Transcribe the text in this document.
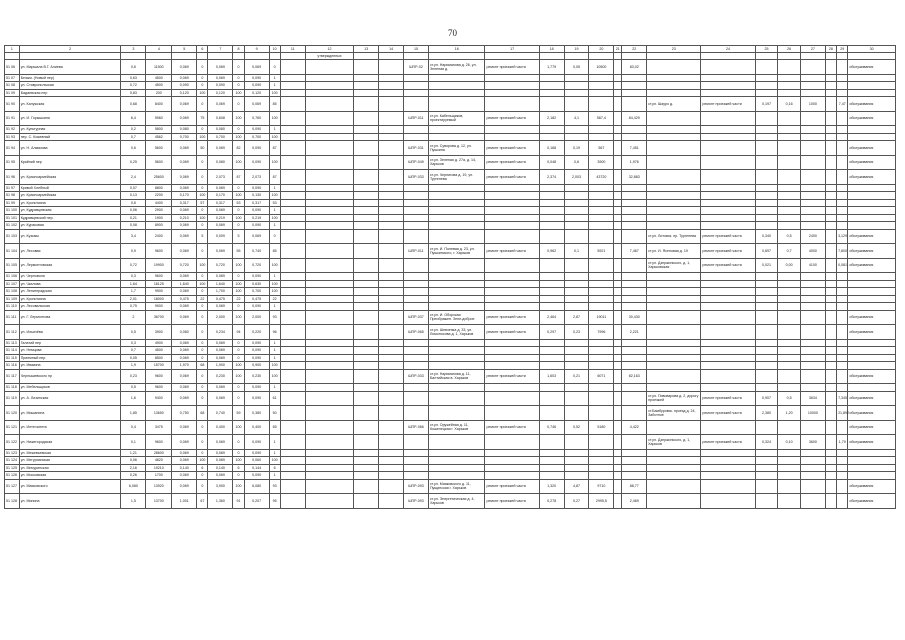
70
1	2	3	4	5	6	7	8	9	10	11	12	13	14	15	16	17	18	19	20	21	22	23	24	25	26	27	28	29	30
											утвержденных																		
51 06	ул. Маршала В.Г. Алиева	0,6	11500	0,069	0	0,069	0	0,069	0					ШПР-02	ст.ул. Нариманова д. 26, ул. Зеленая д.	ремонт проезжей части	1,779	0,05	10500		83,02								обслуживания
51 07	Безым. (Новый пер)	0,63	4500	0,069	0	0,069	0	0,090	1																				
51 08	ул. Ставропольская	0,72	4500	0,090	0	0,090	0	0,090	1																				
51 09	Бадаевская пер	0,83	200	0,120	100	0,120	100	0,120	100																				
51 90	ул. Калужская	0,68	8400	0,069	0	0,069	0	0,069	85													ст.ул. Шауро д.	ремонт проезжей части	0,197	0,16	1000		7,47	обслуживания
51 91	ул. И. Горышкина	6,4	5960	0,069	75	0,608	100	0,760	100					ШПР-011	ст.ул. Кабельщиков, проектируемый	ремонт проезжей части	2,182	4,1	567,4		84,429								обслуживания
51 92	ул. Культурная	0,2	5800	0,080	0	0,080	0	0,090	1																				
51 93	пер. С. Кожевный	0,7	4562	0,700	100	0,700	100	0,700	100																				
51 94	ул. Н. Алмазова	0,6	5600	0,069	50	0,069	82	0,090	87					ШПР-031	ст.ул. Суворова д. 12, ул. Пушкина	ремонт проезжей части	0,168	0,19	567		7,451								обслуживания
51 95	Крайний пер	0,25	5600	0,069	0	0,080	100	0,090	100					ШПР-049	ст.ул. Зеленая д. 27а, д. 14, Харьков	ремонт проезжей части	0,048	0,6	3900		1,976								обслуживания
51 96	ул. Красноармейская	2,4	25600	0,069	0	2,073	87	2,073	87					ШПР-033	ст.ул. Чернигова д. 19, ул. Тургенева	ремонт проезжей части	2,374	2,003	43720		32,883								обслуживания
51 97	Кривой Хлебный	0,07	8800	0,069	0	0,069	0	0,090	1																				
51 98	ул. Красноармейская	0,13	2200	0,170	100	0,170	100	0,130	100																				
51 99	ул. Кропоткина	0,6	4400	0,317	57	0,317	53	0,317	53																				
51 100	ул. Кудрявцевская	0,06	2900	0,069	0	0,069	0	0,090	1																				
51 101	Кудрявцевский пер.	0,21	1900	0,210	100	0,219	100	0,219	100																				
51 102	ул. Кураковая	0,08	8900	0,069	0	0,069	0	0,090	1																				
51 103	ул. Кузьмы	3,4	2400	0,069	5	0,009	5	0,069	0													ст.ул. Литовск. пр. Тургенева	ремонт проезжей части	0,340	0,5	2400		3,129	обслуживания
51 104	ул. Лесовая	0,9	9600	0,069	0	0,069	55	0,740	85					ШПР-011	ст.ул. И. Полевая д. 23, ул. Пушкинского, г. Харьков	ремонт проезжей части	0,962	0,1	5921		7,467	ст.ул. И. Ясеновая д. 19	ремонт проезжей части	0,697	0,7	4000		7,800	обслуживания
51 105	ул. Лермонтовская	0,72	19900	0,720	100	0,720	100	0,720	100													ст.ул. Дзержинского, д. 1, Харьковская	ремонт проезжей части	0,021	0,00	4100		0,081	обслуживания
51 106	ул. Черноволя	0,3	9600	0,069	0	0,069	0	0,090	1																				
51 107	ул. Чкалова	1,64	16125	1,640	100	1,640	100	0,630	100																				
51 108	ул. Ленинградская	1,7	9900	0,069	0	1,700	100	0,700	100																				
51 109	ул. Кропоткина	2,01	18000	0,475	22	0,475	22	0,475	22																				
51 110	ул. Лесовальская	0,75	9900	0,069	0	0,069	0	0,090	1																				
51 111	ул. Г. Лермонтова	2	36700	0,069	0	2,000	100	2,000	93					ШПР-037	ст.ул. И. Оборская Преображен. Зеле-доброе	ремонт проезжей части	2,464	2,87	19011		30,430								обслуживания
51 112	ул. Ильичёва	0,5	3900	0,060	0	0,234	94	0,220	96					ШПР-065	ст.ул. Шевченка д. 33, ул. Ломоносова д. 1, Харьков	ремонт проезжей части	0,297	0,23	7996		2,221								обслуживания
51 113	Галатий пер	0,3	4900	0,069	0	0,069	0	0,090	1																				
51 114	ул. Немцова	0,7	4500	0,069	0	0,069	0	0,090	1																				
51 115	Приемный пер.	0,05	8500	0,069	0	0,069	0	0,090	1																				
51 116	ул. Ивакина	1,9	15700	1,970	68	1,900	100	0,900	100																				
51 117	Чернышевского пр	0,23	9600	0,069	0	0,230	100	0,230	100					ШПР-033	ст.ул. Нариманова д. 11, Балтийская в. Харьков	ремонт проезжей части	1,603	0,21	6071		82,163								обслуживания
51 118	ул. Мебельщиков	0,5	9600	0,069	0	0,069	0	0,090	1																				
51 119	ул. А. Лизинская	1,6	9400	0,069	0	0,069	0	0,090	61													ст.ул. Пивоварова д. 2, дорогу проезжей	ремонт проезжей части	0,907	0,5	3634		7,345	обслуживания
51 120	ул. Мишанина	1,85	13650	0,750	68	0,740	59	0,380	50													ст.Бамбуровск. проезд д. 24, Заботное	ремонт проезжей части	2,380	1,20	10000		21,892	обслуживания
51 121	ул. Интегзитета	0,4	3475	0,069	0	0,400	100	0,400	65					ШПР-066	ст.ул. Оружейная д. 11, Кошелецкая г. Харьков	ремонт проезжей части	0,746	0,52	5180		4,422								обслуживания
51 122	ул. Нижегородская	0,1	9600	0,069	0	0,069	0	0,090	1													ст.ул. Дзержинского, д. 1, Харьков	ремонт проезжей части	0,324	0,10	3600		1,79	обслуживания
51 123	ул. Межевьевская	1,21	28600	0,069	0	0,069	0	0,090	1																				
51 124	ул. Мегурианская	0,06	4820	0,069	100	0,069	100	0,060	100																				
51 125	ул. Мичуринская	2,16	19210	0,140	6	0,140	6	0,144	6																				
51 126	ул. Московская	0,26	1700	0,069	0	0,069	0	0,090	1																				
51 127	ул. Маяковского	6,080	13920	0,069	0	3,900	100	6,080	93					ШПР-093	ст.ул. Маяковского д. 11, Пущинская г. Харьков	ремонт проезжей части	1,320	4,87	9710		88,77								обслуживания
51 128	ул. Минина	1,5	13700	1,001	67	1,360	91	0,207	95					ШПР-093	ст.ул. Энергетическая д. 4, Харьков	ремонт проезжей части	0,278	0,27	2995,5		2,469								обслуживания
